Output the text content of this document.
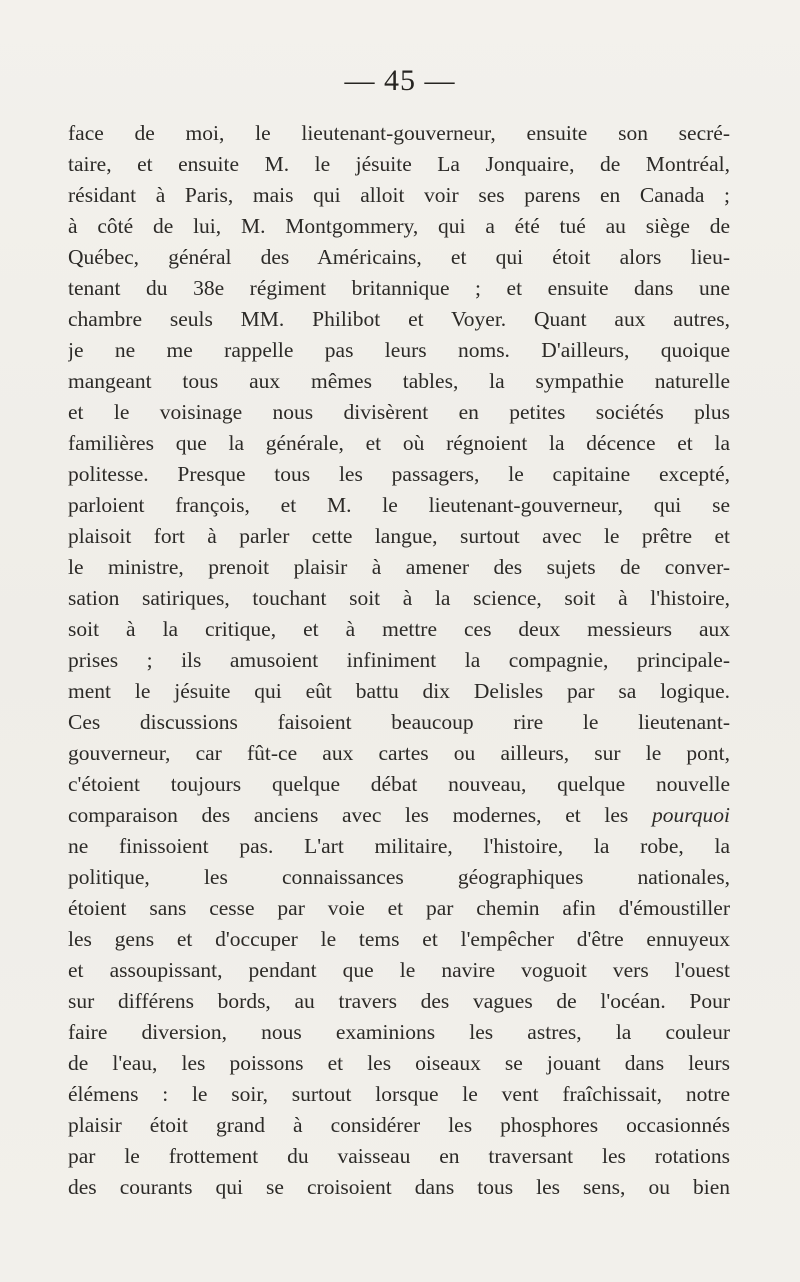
— 45 —
face de moi, le lieutenant-gouverneur, ensuite son secré-
taire, et ensuite M. le jésuite La Jonquaire, de Montréal,
résidant à Paris, mais qui alloit voir ses parens en Canada ;
à côté de lui, M. Montgommery, qui a été tué au siège de
Québec, général des Américains, et qui étoit alors lieu-
tenant du 38e régiment britannique ; et ensuite dans une
chambre seuls MM. Philibot et Voyer. Quant aux autres,
je ne me rappelle pas leurs noms. D'ailleurs, quoique
mangeant tous aux mêmes tables, la sympathie naturelle
et le voisinage nous divisèrent en petites sociétés plus
familières que la générale, et où régnoient la décence et la
politesse. Presque tous les passagers, le capitaine excepté,
parloient françois, et M. le lieutenant-gouverneur, qui se
plaisoit fort à parler cette langue, surtout avec le prêtre et
le ministre, prenoit plaisir à amener des sujets de conver-
sation satiriques, touchant soit à la science, soit à l'histoire,
soit à la critique, et à mettre ces deux messieurs aux
prises ; ils amusoient infiniment la compagnie, principale-
ment le jésuite qui eût battu dix Delisles par sa logique.
Ces discussions faisoient beaucoup rire le lieutenant-
gouverneur, car fût-ce aux cartes ou ailleurs, sur le pont,
c'étoient toujours quelque débat nouveau, quelque nouvelle
comparaison des anciens avec les modernes, et les pourquoi
ne finissoient pas. L'art militaire, l'histoire, la robe, la
politique, les connaissances géographiques nationales,
étoient sans cesse par voie et par chemin afin d'émoustiller
les gens et d'occuper le tems et l'empêcher d'être ennuyeux
et assoupissant, pendant que le navire voguoit vers l'ouest
sur différens bords, au travers des vagues de l'océan. Pour
faire diversion, nous examinions les astres, la couleur
de l'eau, les poissons et les oiseaux se jouant dans leurs
élémens : le soir, surtout lorsque le vent fraîchissait, notre
plaisir étoit grand à considérer les phosphores occasionnés
par le frottement du vaisseau en traversant les rotations
des courants qui se croisoient dans tous les sens, ou bien
